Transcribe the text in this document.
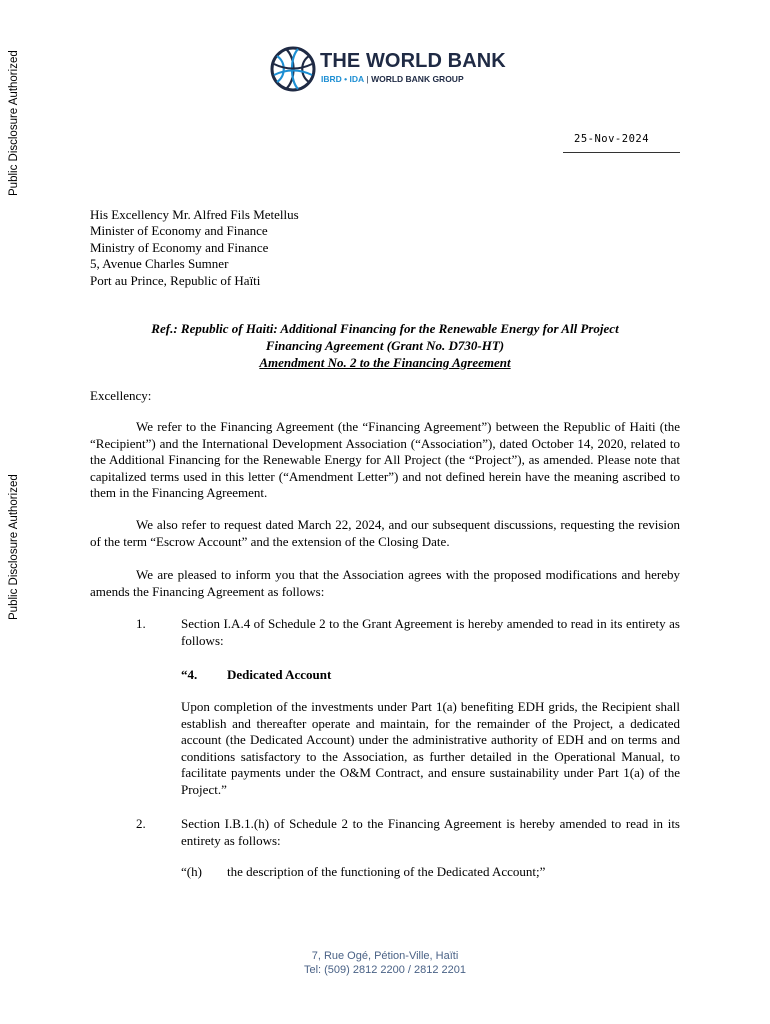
Public Disclosure Authorized
Public Disclosure Authorized
THE WORLD BANK
IBRD • IDA | WORLD BANK GROUP
25-Nov-2024
His Excellency Mr. Alfred Fils Metellus
Minister of Economy and Finance
Ministry of Economy and Finance
5, Avenue Charles Sumner
Port au Prince, Republic of Haïti
Ref.: Republic of Haiti: Additional Financing for the Renewable Energy for All Project
Financing Agreement (Grant No. D730-HT)
Amendment No. 2 to the Financing Agreement
Excellency:
We refer to the Financing Agreement (the “Financing Agreement”) between the Republic of Haiti (the “Recipient”) and the International Development Association (“Association”), dated October 14, 2020, related to the Additional Financing for the Renewable Energy for All Project (the “Project”), as amended. Please note that capitalized terms used in this letter (“Amendment Letter”) and not defined herein have the meaning ascribed to them in the Financing Agreement.
We also refer to request dated March 22, 2024, and our subsequent discussions, requesting the revision of the term “Escrow Account” and the extension of the Closing Date.
We are pleased to inform you that the Association agrees with the proposed modifications and hereby amends the Financing Agreement as follows:
1.	Section I.A.4 of Schedule 2 to the Grant Agreement is hereby amended to read in its entirety as follows:
“4. Dedicated Account
Upon completion of the investments under Part 1(a) benefiting EDH grids, the Recipient shall establish and thereafter operate and maintain, for the remainder of the Project, a dedicated account (the Dedicated Account) under the administrative authority of EDH and on terms and conditions satisfactory to the Association, as further detailed in the Operational Manual, to facilitate payments under the O&M Contract, and ensure sustainability under Part 1(a) of the Project.”
2.	Section I.B.1.(h) of Schedule 2 to the Financing Agreement is hereby amended to read in its entirety as follows:
“(h) the description of the functioning of the Dedicated Account;”
7, Rue Ogé, Pétion-Ville, Haïti
Tel: (509) 2812 2200 / 2812 2201
